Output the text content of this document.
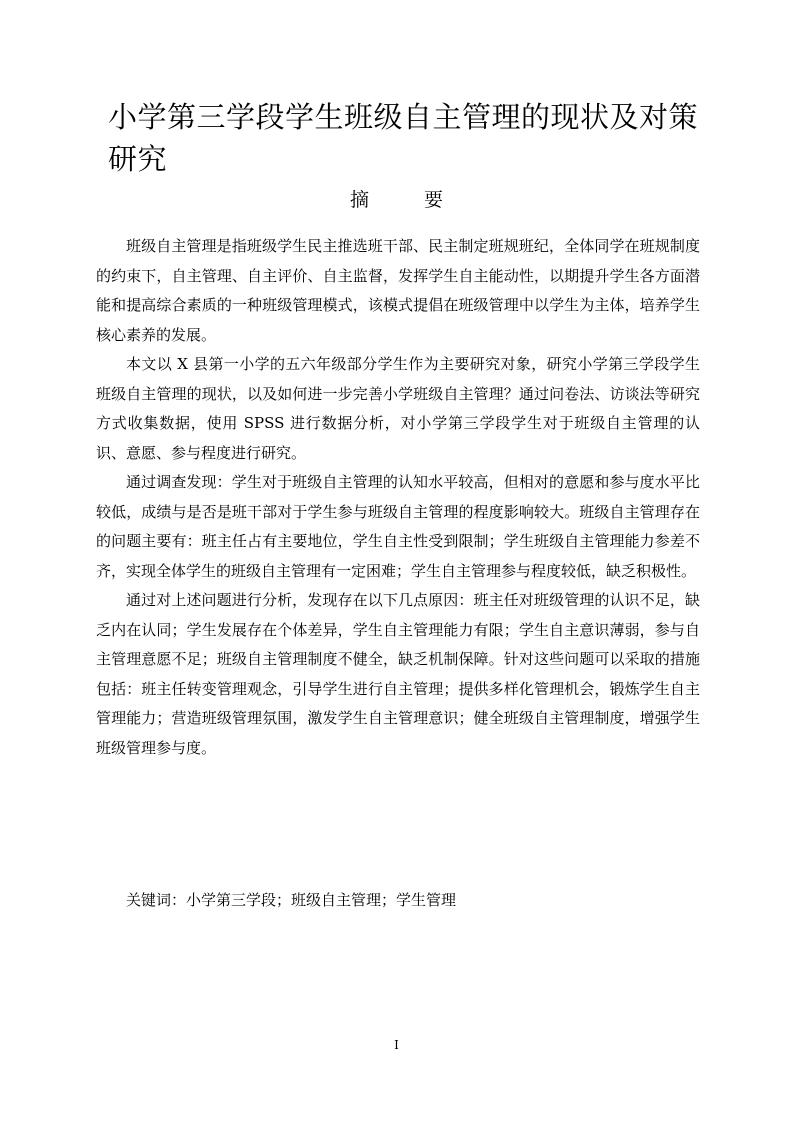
小学第三学段学生班级自主管理的现状及对策研究
摘　要

班级自主管理是指班级学生民主推选班干部、民主制定班规班纪，全体同学在班规制度的约束下，自主管理、自主评价、自主监督，发挥学生自主能动性，以期提升学生各方面潜能和提高综合素质的一种班级管理模式，该模式提倡在班级管理中以学生为主体，培养学生核心素养的发展。

本文以 X 县第一小学的五六年级部分学生作为主要研究对象，研究小学第三学段学生班级自主管理的现状，以及如何进一步完善小学班级自主管理？通过问卷法、访谈法等研究方式收集数据，使用 SPSS 进行数据分析，对小学第三学段学生对于班级自主管理的认识、意愿、参与程度进行研究。

通过调查发现：学生对于班级自主管理的认知水平较高，但相对的意愿和参与度水平比较低，成绩与是否是班干部对于学生参与班级自主管理的程度影响较大。班级自主管理存在的问题主要有：班主任占有主要地位，学生自主性受到限制；学生班级自主管理能力参差不齐，实现全体学生的班级自主管理有一定困难；学生自主管理参与程度较低，缺乏积极性。

通过对上述问题进行分析，发现存在以下几点原因：班主任对班级管理的认识不足，缺乏内在认同；学生发展存在个体差异，学生自主管理能力有限；学生自主意识薄弱，参与自主管理意愿不足；班级自主管理制度不健全，缺乏机制保障。针对这些问题可以采取的措施包括：班主任转变管理观念，引导学生进行自主管理；提供多样化管理机会，锻炼学生自主管理能力；营造班级管理氛围，激发学生自主管理意识；健全班级自主管理制度，增强学生班级管理参与度。

关键词：小学第三学段；班级自主管理；学生管理

I
